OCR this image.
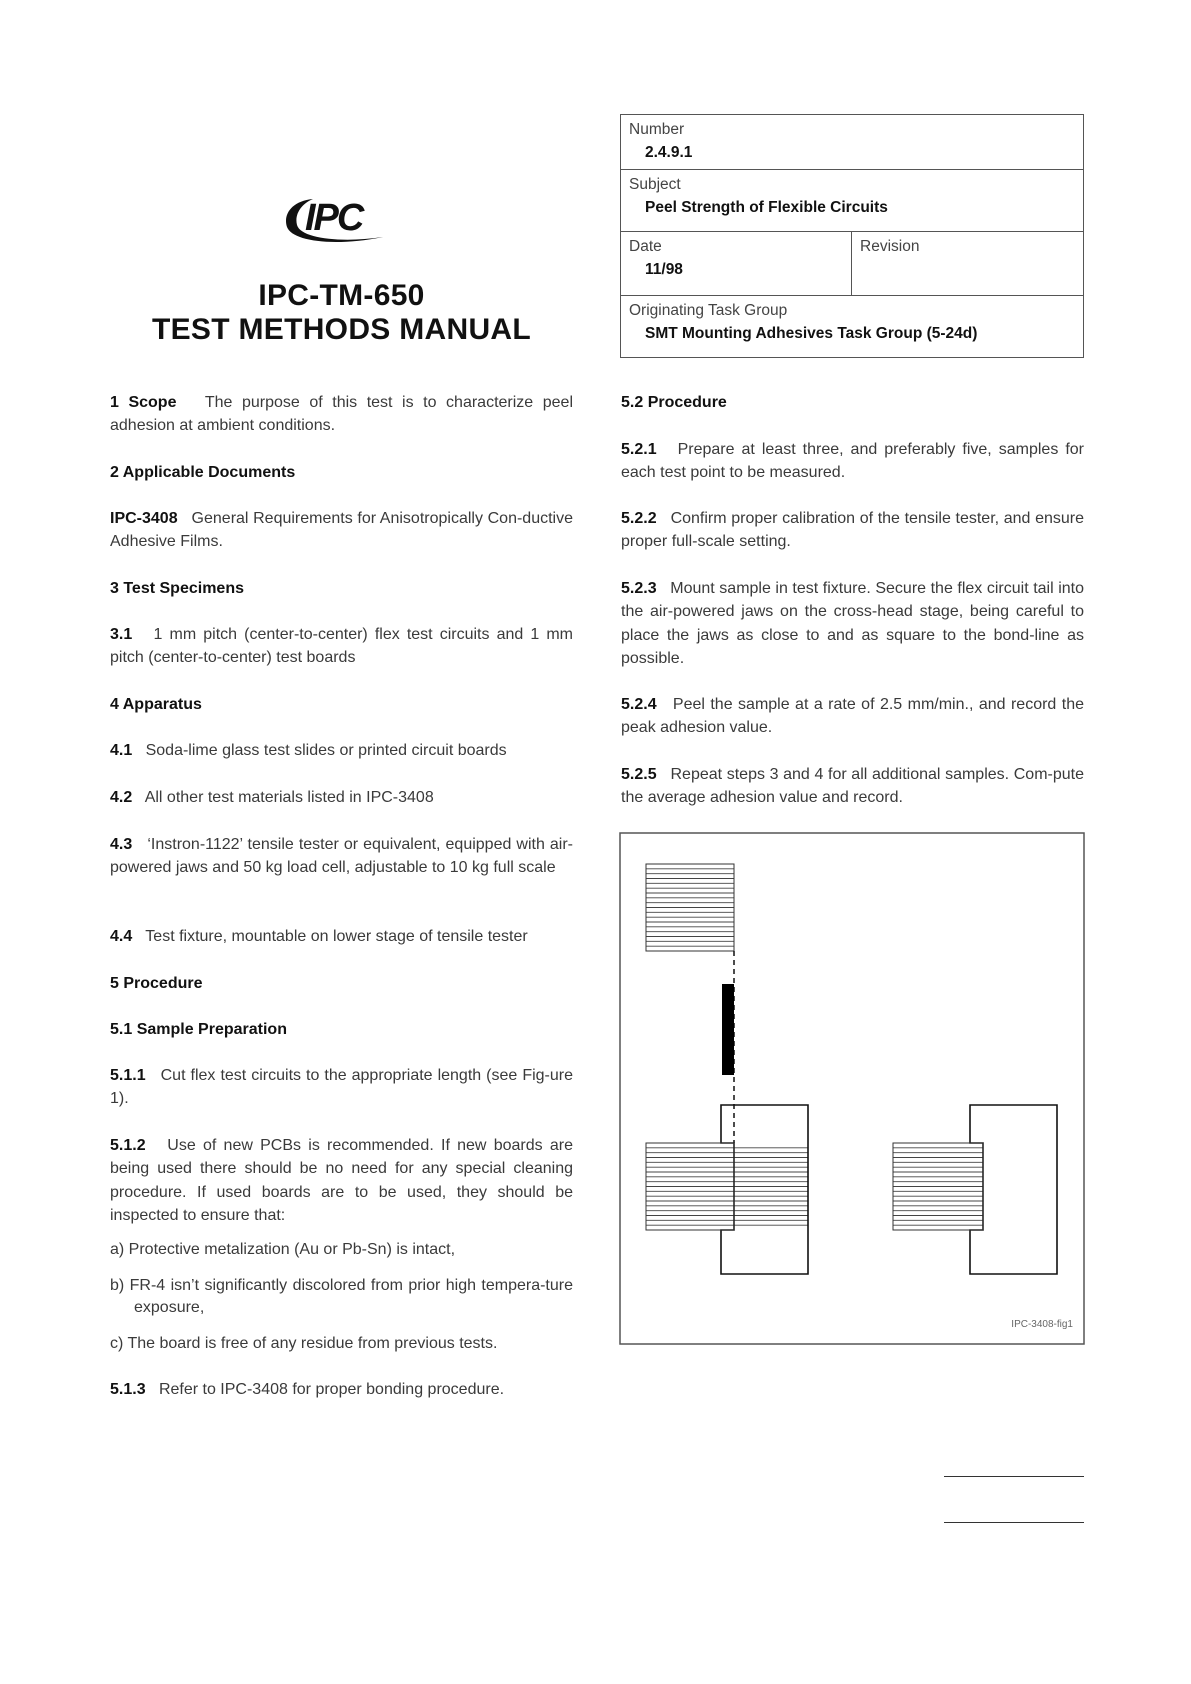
IPC
IPC-TM-650
TEST METHODS MANUAL
Number
2.4.9.1

Subject
Peel Strength of Flexible Circuits

Date
11/98

Revision

Originating Task Group
SMT Mounting Adhesives Task Group (5-24d)
1 Scope The purpose of this test is to characterize peel adhesion at ambient conditions.
2 Applicable Documents
IPC-3408 General Requirements for Anisotropically Con-ductive Adhesive Films.
3 Test Specimens
3.1 1 mm pitch (center-to-center) flex test circuits and 1 mm pitch (center-to-center) test boards
4 Apparatus
4.1 Soda-lime glass test slides or printed circuit boards
4.2 All other test materials listed in IPC-3408
4.3 ‘Instron-1122’ tensile tester or equivalent, equipped with air-powered jaws and 50 kg load cell, adjustable to 10 kg full scale
4.4 Test fixture, mountable on lower stage of tensile tester
5 Procedure
5.1 Sample Preparation
5.1.1 Cut flex test circuits to the appropriate length (see Fig-ure 1).
5.1.2 Use of new PCBs is recommended. If new boards are being used there should be no need for any special cleaning procedure. If used boards are to be used, they should be inspected to ensure that:
a) Protective metalization (Au or Pb-Sn) is intact,
b) FR-4 isn’t significantly discolored from prior high tempera-ture exposure,
c) The board is free of any residue from previous tests.
5.1.3 Refer to IPC-3408 for proper bonding procedure.
5.2 Procedure
5.2.1 Prepare at least three, and preferably five, samples for each test point to be measured.
5.2.2 Confirm proper calibration of the tensile tester, and ensure proper full-scale setting.
5.2.3 Mount sample in test fixture. Secure the flex circuit tail into the air-powered jaws on the cross-head stage, being careful to place the jaws as close to and as square to the bond-line as possible.
5.2.4 Peel the sample at a rate of 2.5 mm/min., and record the peak adhesion value.
5.2.5 Repeat steps 3 and 4 for all additional samples. Com-pute the average adhesion value and record.
IPC-3408-fig1
